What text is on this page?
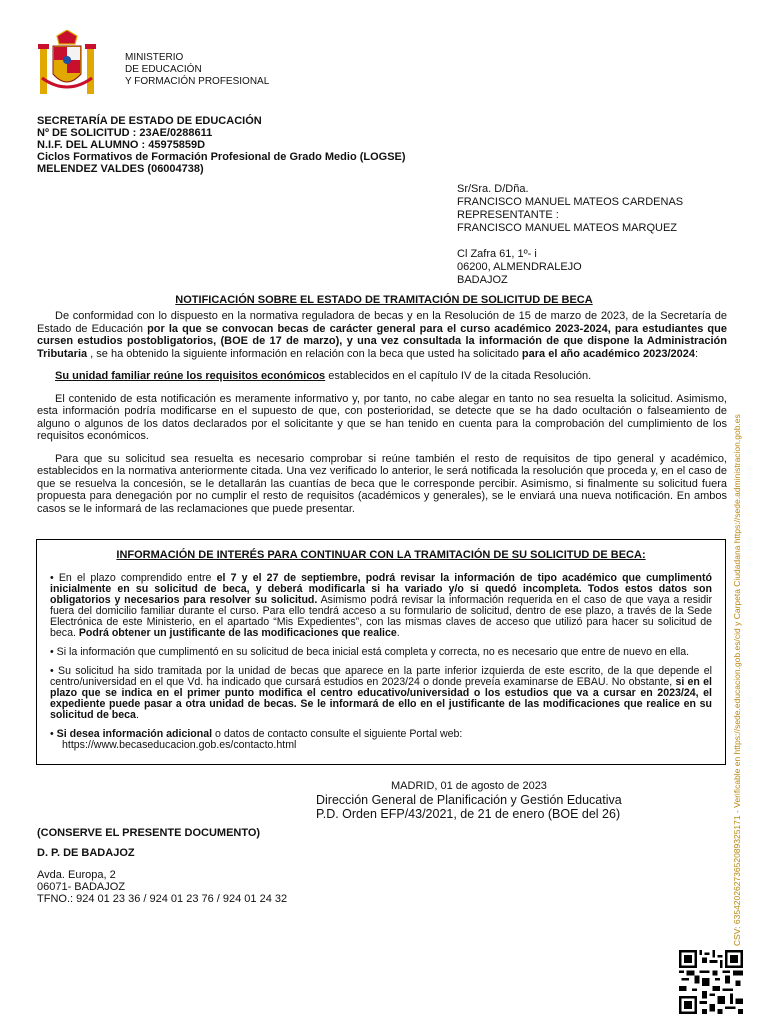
MINISTERIO
DE EDUCACIÓN
Y FORMACIÓN PROFESIONAL
SECRETARÍA DE ESTADO DE EDUCACIÓN
Nº DE SOLICITUD : 23AE/0288611
N.I.F. DEL ALUMNO : 45975859D
Ciclos Formativos de Formación Profesional de Grado Medio (LOGSE)
MELENDEZ VALDES (06004738)
Sr/Sra. D/Dña.
FRANCISCO MANUEL MATEOS CARDENAS
REPRESENTANTE :
FRANCISCO MANUEL MATEOS MARQUEZ
Cl Zafra 61, 1º- i
06200, ALMENDRALEJO
BADAJOZ
NOTIFICACIÓN SOBRE EL ESTADO DE TRAMITACIÓN DE SOLICITUD DE BECA

De conformidad con lo dispuesto en la normativa reguladora de becas y en la Resolución de 15 de marzo de 2023, de la Secretaría de Estado de Educación por la que se convocan becas de carácter general para el curso académico 2023-2024, para estudiantes que cursen estudios postobligatorios, (BOE de 17 de marzo), y una vez consultada la información de que dispone la Administración Tributaria , se ha obtenido la siguiente información en relación con la beca que usted ha solicitado para el año académico 2023/2024:

Su unidad familiar reúne los requisitos económicos establecidos en el capítulo IV de la citada Resolución.

El contenido de esta notificación es meramente informativo y, por tanto, no cabe alegar en tanto no sea resuelta la solicitud. Asimismo, esta información podría modificarse en el supuesto de que, con posterioridad, se detecte que se ha dado ocultación o falseamiento de alguno o algunos de los datos declarados por el solicitante y que se han tenido en cuenta para la comprobación del cumplimiento de los requisitos económicos.

Para que su solicitud sea resuelta es necesario comprobar si reúne también el resto de requisitos de tipo general y académico, establecidos en la normativa anteriormente citada. Una vez verificado lo anterior, le será notificada la resolución que proceda y, en el caso de que se resuelva la concesión, se le detallarán las cuantías de beca que le corresponde percibir. Asimismo, si finalmente su solicitud fuera propuesta para denegación por no cumplir el resto de requisitos (académicos y generales), se le enviará una nueva notificación. En ambos casos se le informará de las reclamaciones que puede presentar.

INFORMACIÓN DE INTERÉS PARA CONTINUAR CON LA TRAMITACIÓN DE SU SOLICITUD DE BECA:

• En el plazo comprendido entre el 7 y el 27 de septiembre, podrá revisar la información de tipo académico que cumplimentó inicialmente en su solicitud de beca, y deberá modificarla si ha variado y/o si quedó incompleta. Todos estos datos son obligatorios y necesarios para resolver su solicitud. Asimismo podrá revisar la información requerida en el caso de que vaya a residir fuera del domicilio familiar durante el curso. Para ello tendrá acceso a su formulario de solicitud, dentro de ese plazo, a través de la Sede Electrónica de este Ministerio, en el apartado “Mis Expedientes”, con las mismas claves de acceso que utilizó para hacer su solicitud de beca. Podrá obtener un justificante de las modificaciones que realice.

• Si la información que cumplimentó en su solicitud de beca inicial está completa y correcta, no es necesario que entre de nuevo en ella.

• Su solicitud ha sido tramitada por la unidad de becas que aparece en la parte inferior izquierda de este escrito, de la que depende el centro/universidad en el que Vd. ha indicado que cursará estudios en 2023/24 o donde preveía examinarse de EBAU. No obstante, si en el plazo que se indica en el primer punto modifica el centro educativo/universidad o los estudios que va a cursar en 2023/24, el expediente puede pasar a otra unidad de becas. Se le informará de ello en el justificante de las modificaciones que realice en su solicitud de beca.

• Si desea información adicional o datos de contacto consulte el siguiente Portal web:

https://www.becaseducacion.gob.es/contacto.html

MADRID, 01 de agosto de 2023
Dirección General de Planificación y Gestión Educativa
P.D. Orden EFP/43/2021, de 21 de enero (BOE del 26)
(CONSERVE EL PRESENTE DOCUMENTO)
D. P. DE BADAJOZ
Avda. Europa, 2
06071- BADAJOZ
TFNO.: 924 01 23 36 / 924 01 23 76 / 924 01 24 32	CSV: 63542026273652089325171 - Verificable en https://sede.educacion.gob.es/cid y Carpeta Ciudadana https://sede.administracion.gob.es
